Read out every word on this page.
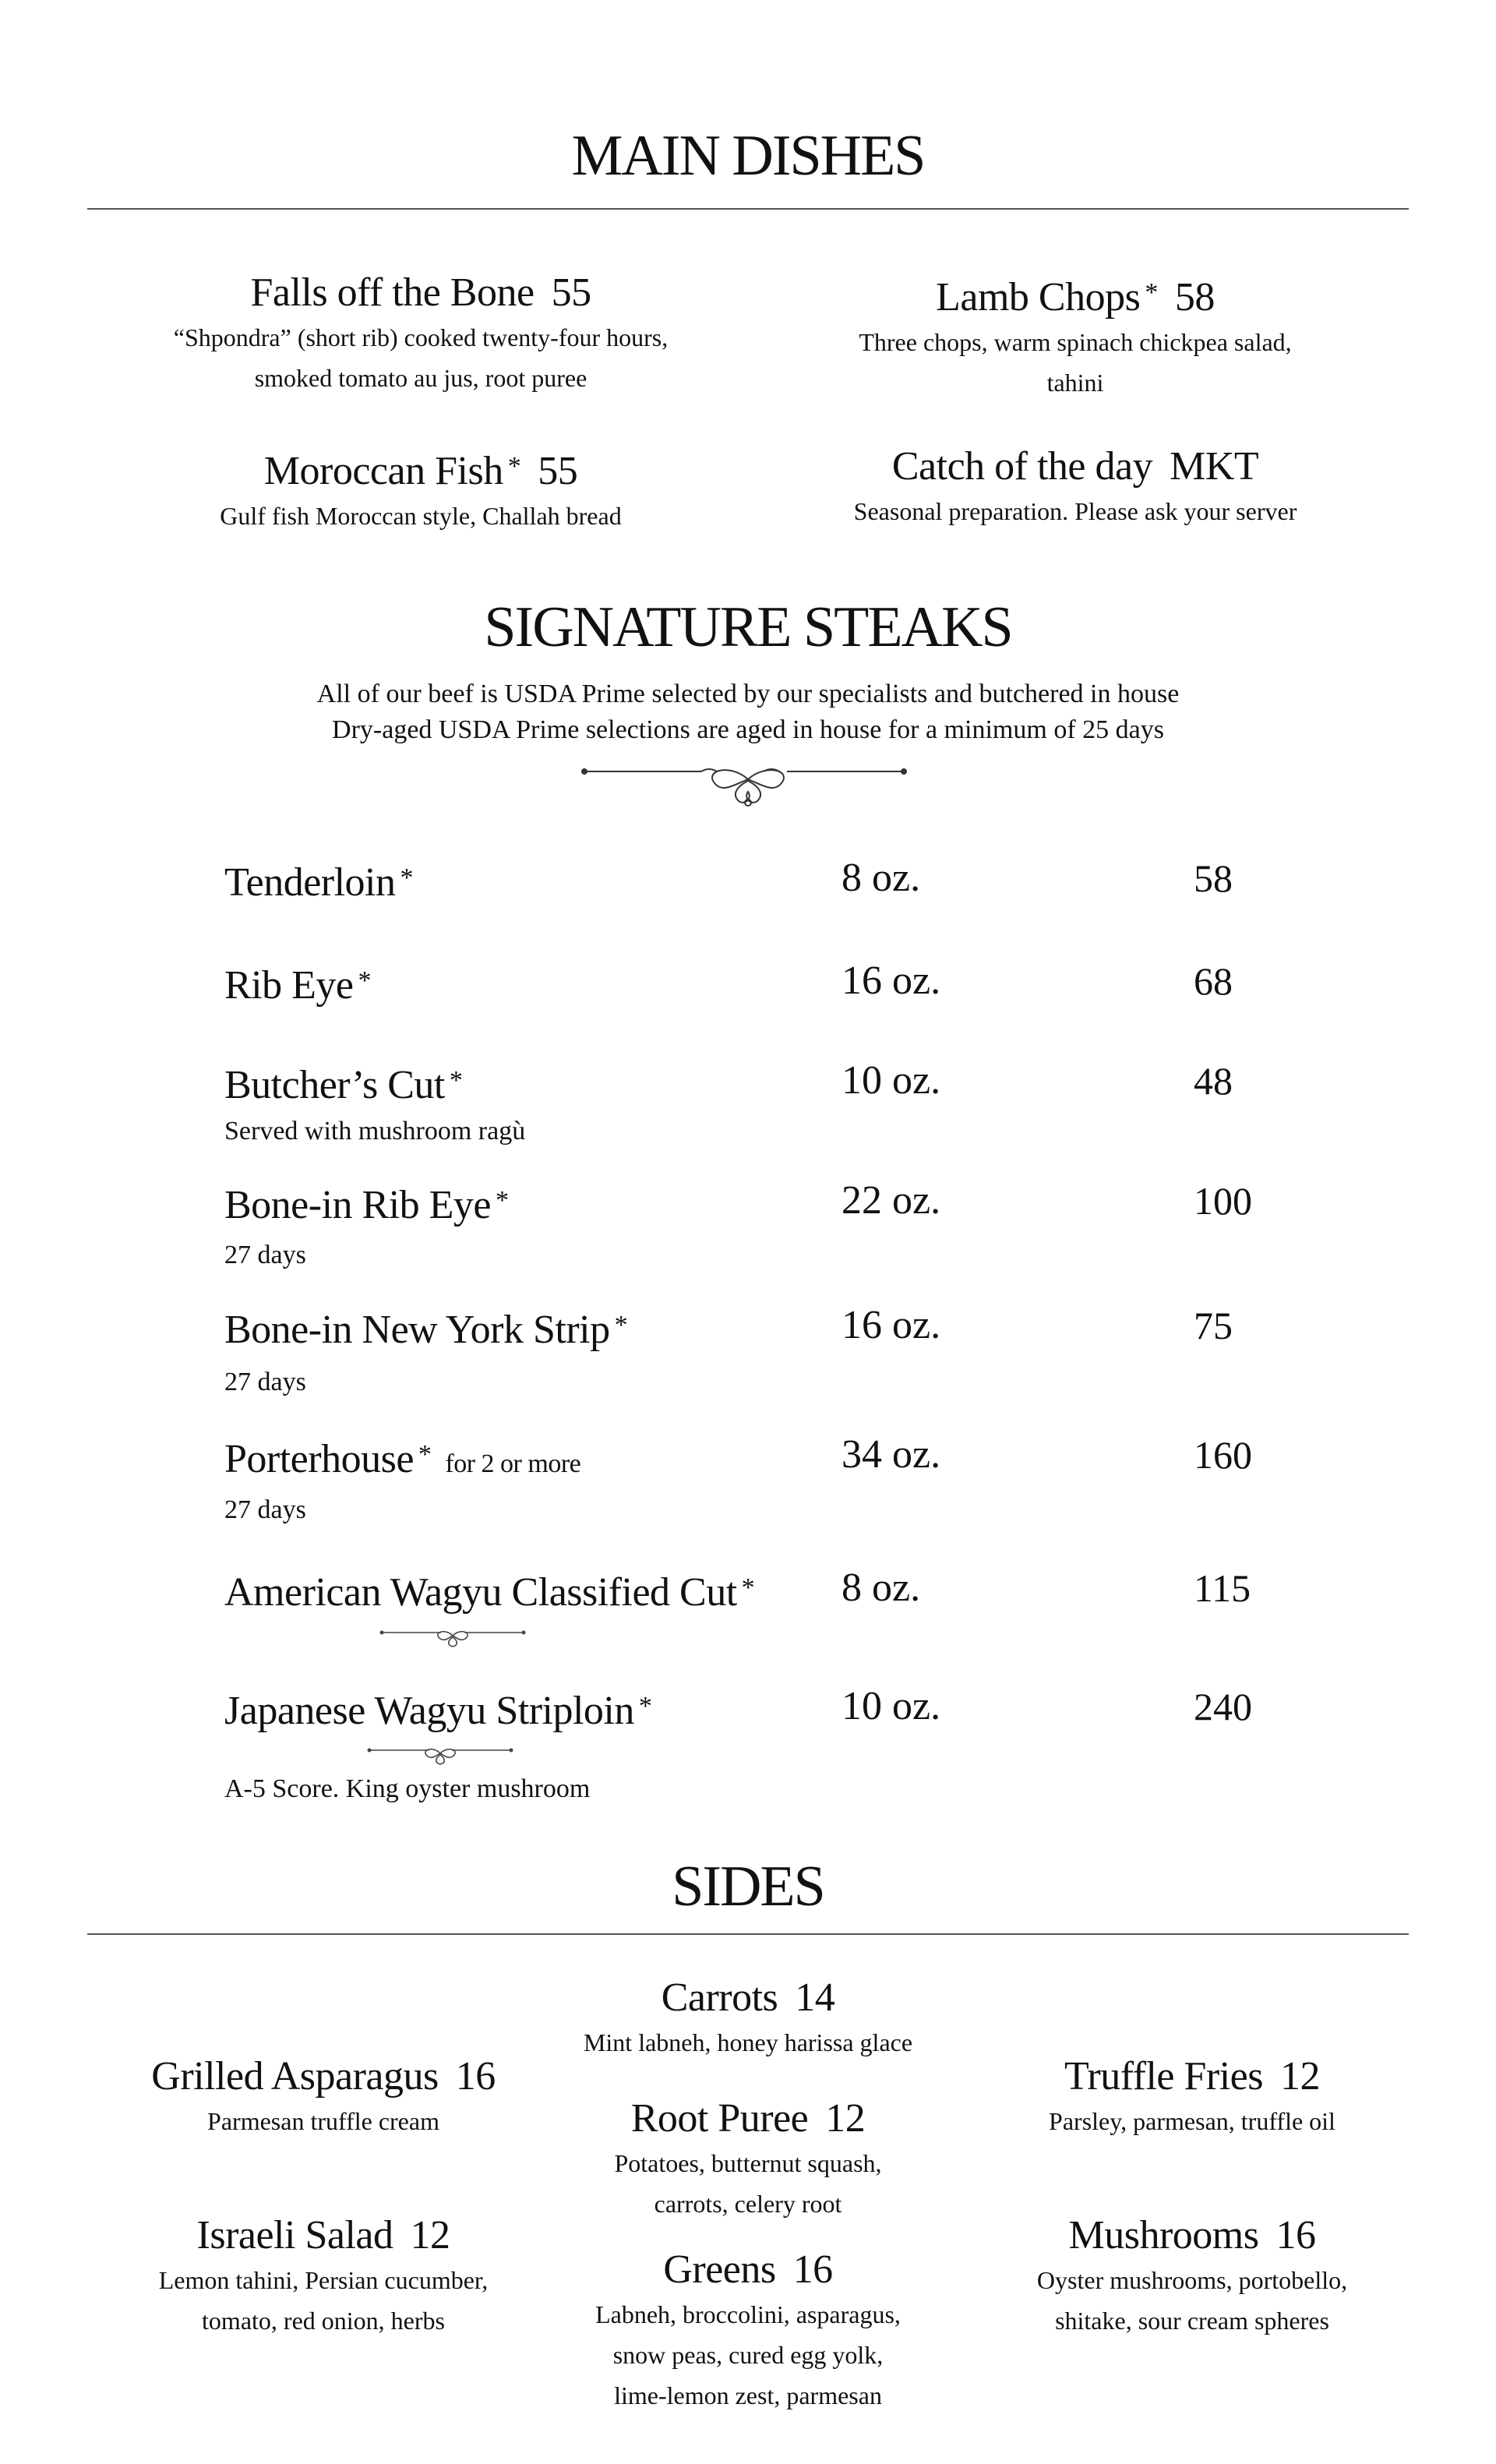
MAIN DISHES
Falls off the Bone 55
“Shpondra” (short rib) cooked twenty-four hours,
smoked tomato au jus, root puree
Lamb Chops * 58
Three chops, warm spinach chickpea salad,
tahini
Moroccan Fish * 55
Gulf fish Moroccan style, Challah bread
Catch of the day MKT
Seasonal preparation. Please ask your server
SIGNATURE STEAKS
All of our beef is USDA Prime selected by our specialists and butchered in house
Dry-aged USDA Prime selections are aged in house for a minimum of 25 days
Tenderloin *	8 oz.	58
Rib Eye *	16 oz.	68
Butcher’s Cut *	10 oz.	48
Served with mushroom ragù
Bone-in Rib Eye *	22 oz.	100
27 days
Bone-in New York Strip *	16 oz.	75
27 days
Porterhouse * for 2 or more	34 oz.	160
27 days
American Wagyu Classified Cut * 8 oz.	115
Japanese Wagyu Striploin *	10 oz.	240
A-5 Score. King oyster mushroom
SIDES
Carrots 14
Mint labneh, honey harissa glace
Grilled Asparagus 16
Parmesan truffle cream
Truffle Fries 12
Parsley, parmesan, truffle oil
Root Puree 12
Potatoes, butternut squash,
carrots, celery root
Israeli Salad 12
Lemon tahini, Persian cucumber,
tomato, red onion, herbs
Mushrooms 16
Oyster mushrooms, portobello,
shitake, sour cream spheres
Greens 16
Labneh, broccolini, asparagus,
snow peas, cured egg yolk,
lime-lemon zest, parmesan
